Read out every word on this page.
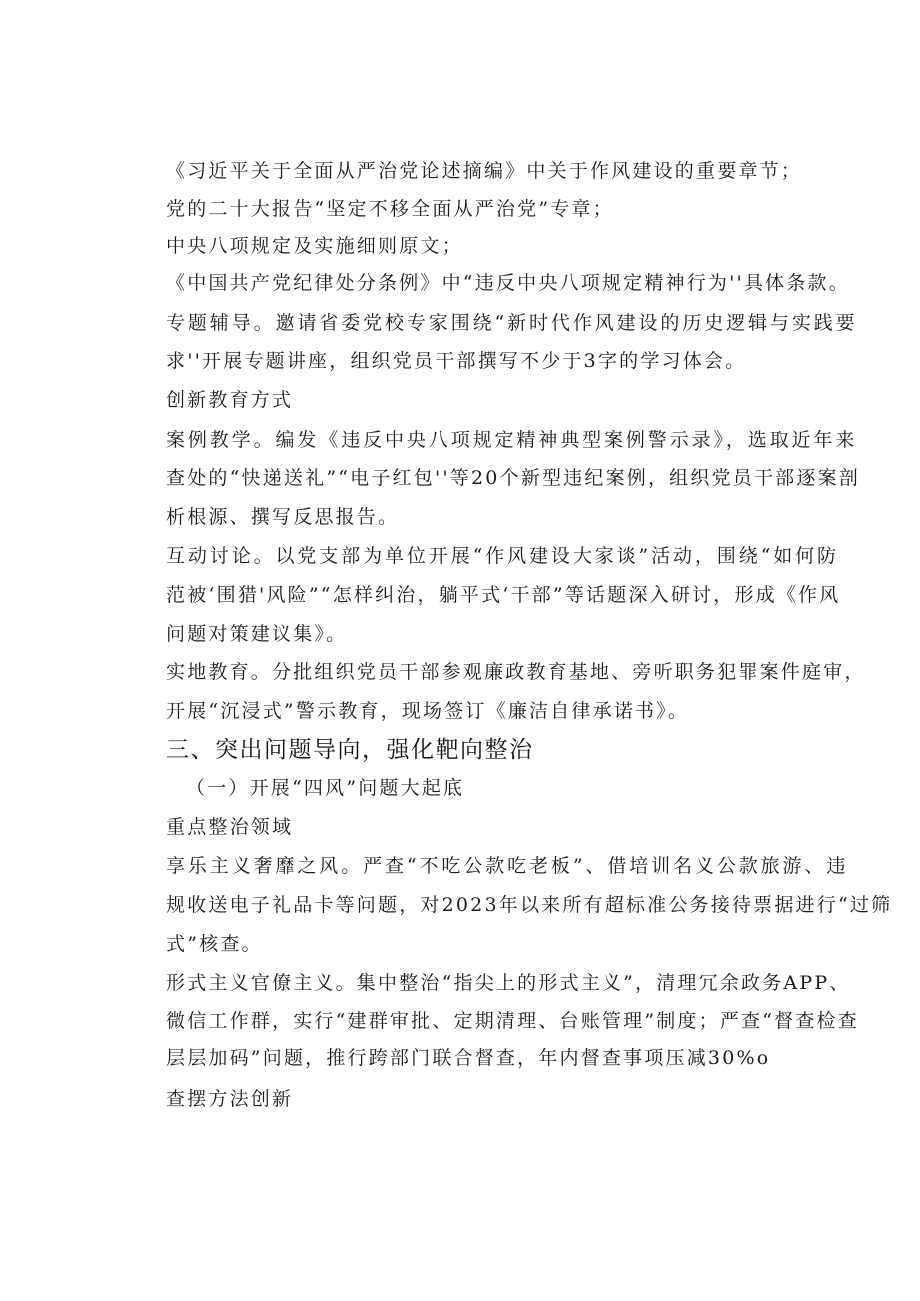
《习近平关于全面从严治党论述摘编》中关于作风建设的重要章节；
党的二十大报告“坚定不移全面从严治党”专章；
中央八项规定及实施细则原文；
《中国共产党纪律处分条例》中“违反中央八项规定精神行为''具体条款。
专题辅导。邀请省委党校专家围绕“新时代作风建设的历史逻辑与实践要
求''开展专题讲座，组织党员干部撰写不少于3字的学习体会。
创新教育方式
案例教学。编发《违反中央八项规定精神典型案例警示录》，选取近年来
查处的“快递送礼”“电子红包''等20个新型违纪案例，组织党员干部逐案剖
析根源、撰写反思报告。
互动讨论。以党支部为单位开展“作风建设大家谈”活动，围绕“如何防
范被‘围猎'风险”“怎样纠治，躺平式‘干部”等话题深入研讨，形成《作风
问题对策建议集》。
实地教育。分批组织党员干部参观廉政教育基地、旁听职务犯罪案件庭审，
开展“沉浸式”警示教育，现场签订《廉洁自律承诺书》。
三、突出问题导向，强化靶向整治
（一）开展“四风”问题大起底
重点整治领域
享乐主义奢靡之风。严查“不吃公款吃老板”、借培训名义公款旅游、违
规收送电子礼品卡等问题，对2023年以来所有超标准公务接待票据进行“过筛
式”核查。
形式主义官僚主义。集中整治“指尖上的形式主义”，清理冗余政务APP、
微信工作群，实行“建群审批、定期清理、台账管理”制度；严查“督查检查
层层加码”问题，推行跨部门联合督查，年内督查事项压减30%o
查摆方法创新
